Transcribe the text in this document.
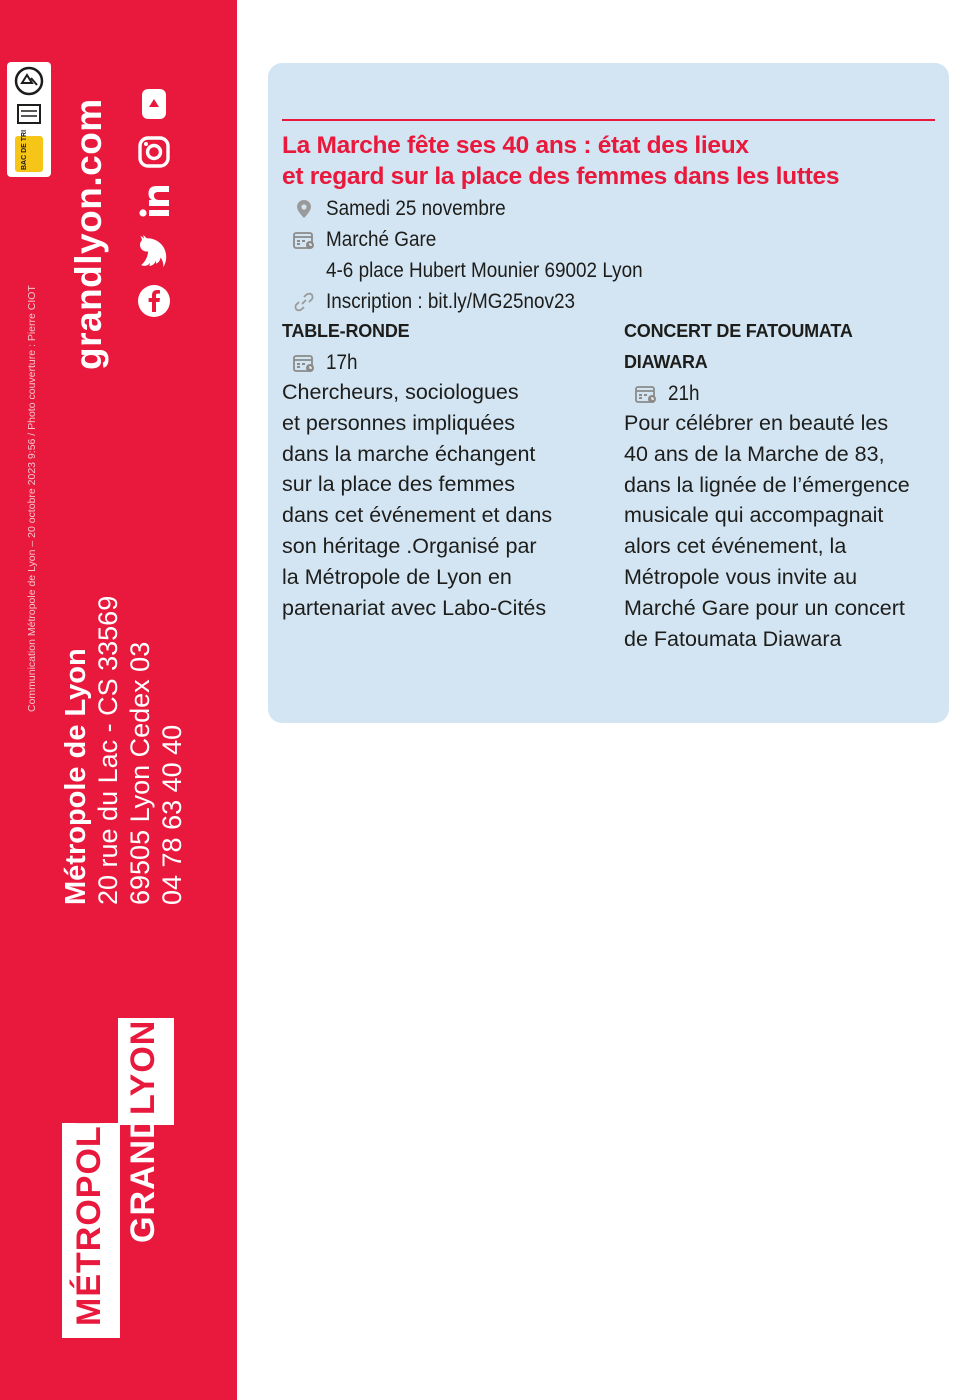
BAC DE TRI
Communication Métropole de Lyon – 20 octobre 2023 9:56 / Photo couverture : Pierre CIOT
grandlyon.com
Métropole de Lyon 20 rue du Lac - CS 33569 69505 Lyon Cedex 03 04 78 63 40 40
MÉTROPOLE GRAND
LYON
La Marche fête ses 40 ans : état des lieux
et regard sur la place des femmes dans les luttes
Samedi 25 novembre
Marché Gare
4-6 place Hubert Mounier 69002 Lyon
Inscription : bit.ly/MG25nov23
TABLE-RONDE
17h
Chercheurs, sociologues
et personnes impliquées
dans la marche échangent
sur la place des femmes
dans cet événement et dans
son héritage .Organisé par
la Métropole de Lyon en
partenariat avec Labo-Cités
CONCERT DE FATOUMATA
DIAWARA
21h
Pour célébrer en beauté les
40 ans de la Marche de 83,
dans la lignée de l’émergence
musicale qui accompagnait
alors cet événement, la
Métropole vous invite au
Marché Gare pour un concert
de Fatoumata Diawara
